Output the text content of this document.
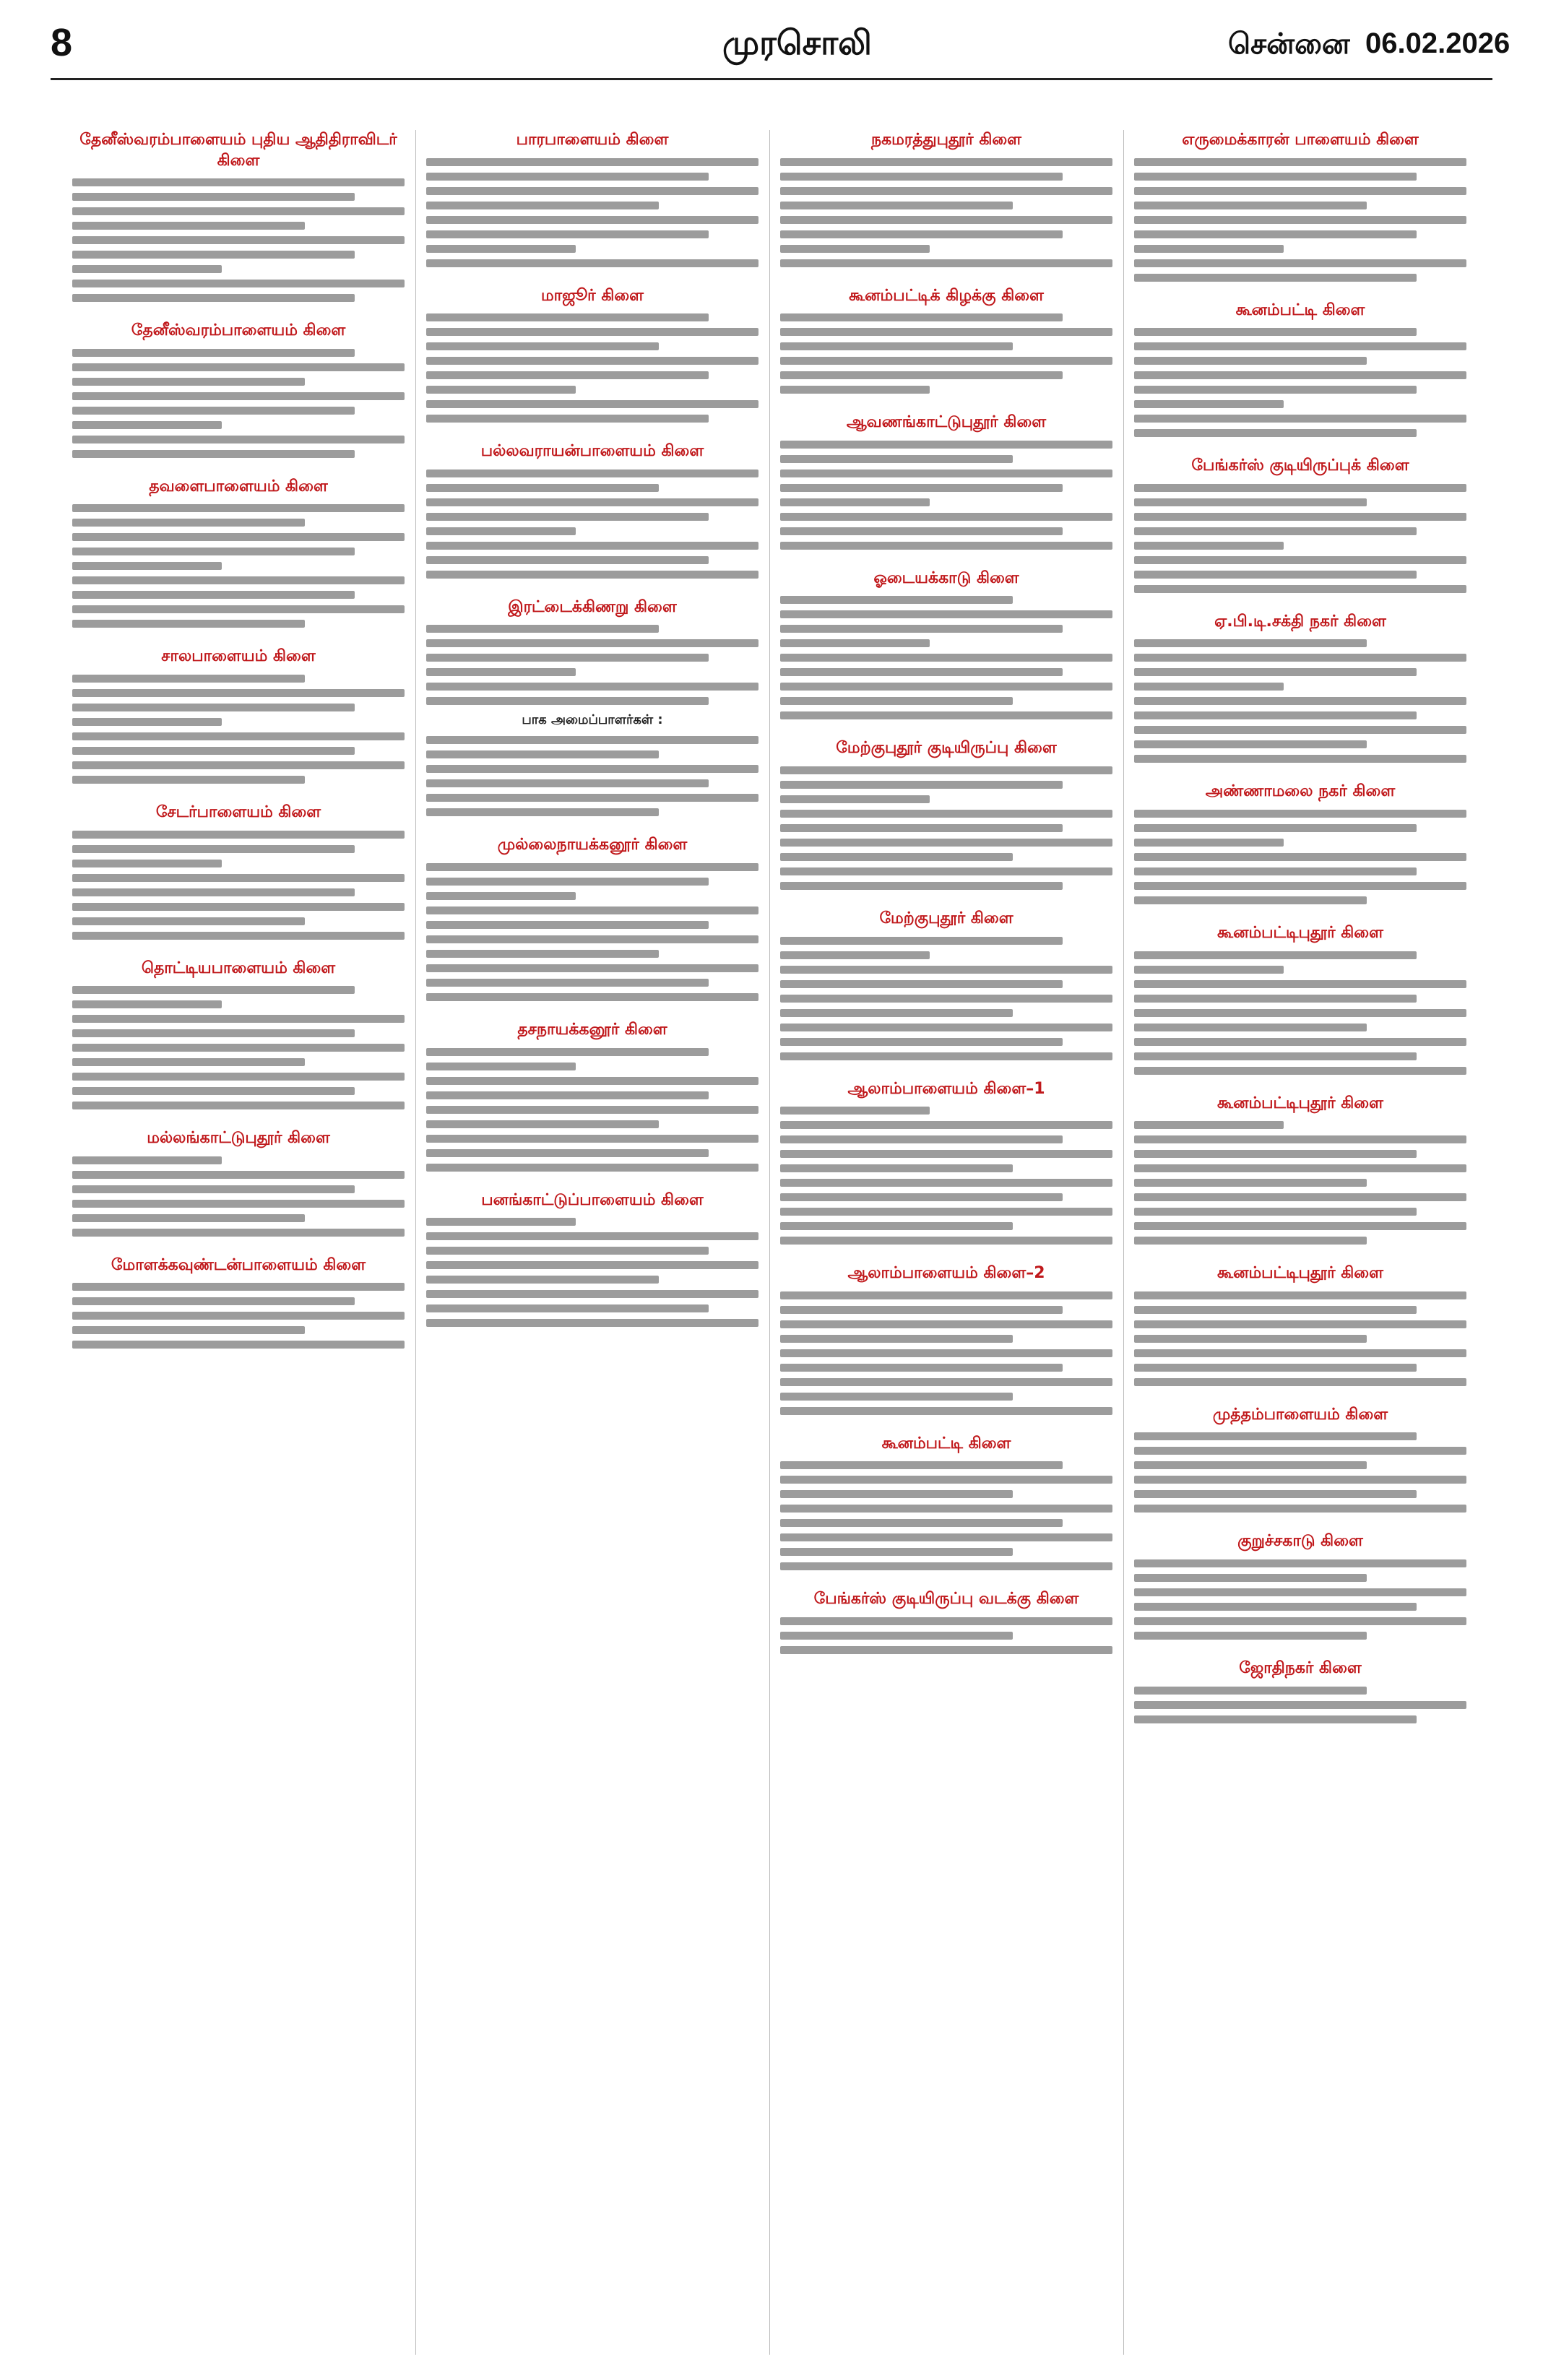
8	முரசொலி	சென்னை 06.02.2026
தேனீஸ்வரம்பாளையம் புதிய ஆதிதிராவிடர் கிளை
தேனீஸ்வரம்பாளையம் கிளை
தவளைபாளையம் கிளை
சாலபாளையம் கிளை
சேடர்பாளையம் கிளை
தொட்டியபாளையம் கிளை
மல்லங்காட்டுபுதூர் கிளை
மோளக்கவுண்டன்பாளையம் கிளை
பாரபாளையம் கிளை
மாஜூர் கிளை
பல்லவராயன்பாளையம் கிளை
இரட்டைக்கிணறு கிளை
பாக அமைப்பாளர்கள் :
முல்லைநாயக்கனூர் கிளை
தசநாயக்கனூர் கிளை
பனங்காட்டுப்பாளையம் கிளை
நகமரத்துபுதூர் கிளை
கூனம்பட்டிக் கிழக்கு கிளை
ஆவணங்காட்டுபுதூர் கிளை
ஓடையக்காடு கிளை
மேற்குபுதூர் குடியிருப்பு கிளை
மேற்குபுதூர் கிளை
ஆலாம்பாளையம் கிளை–1
ஆலாம்பாளையம் கிளை–2
கூனம்பட்டி கிளை
பேங்கர்ஸ் குடியிருப்பு வடக்கு கிளை
எருமைக்காரன் பாளையம் கிளை
கூனம்பட்டி கிளை
பேங்கர்ஸ் குடியிருப்புக் கிளை
ஏ.பி.டி.சக்தி நகர் கிளை
அண்ணாமலை நகர் கிளை
கூனம்பட்டிபுதூர் கிளை
கூனம்பட்டிபுதூர் கிளை
கூனம்பட்டிபுதூர் கிளை
முத்தம்பாளையம் கிளை
குறுச்சகாடு கிளை
ஜோதிநகர் கிளை
